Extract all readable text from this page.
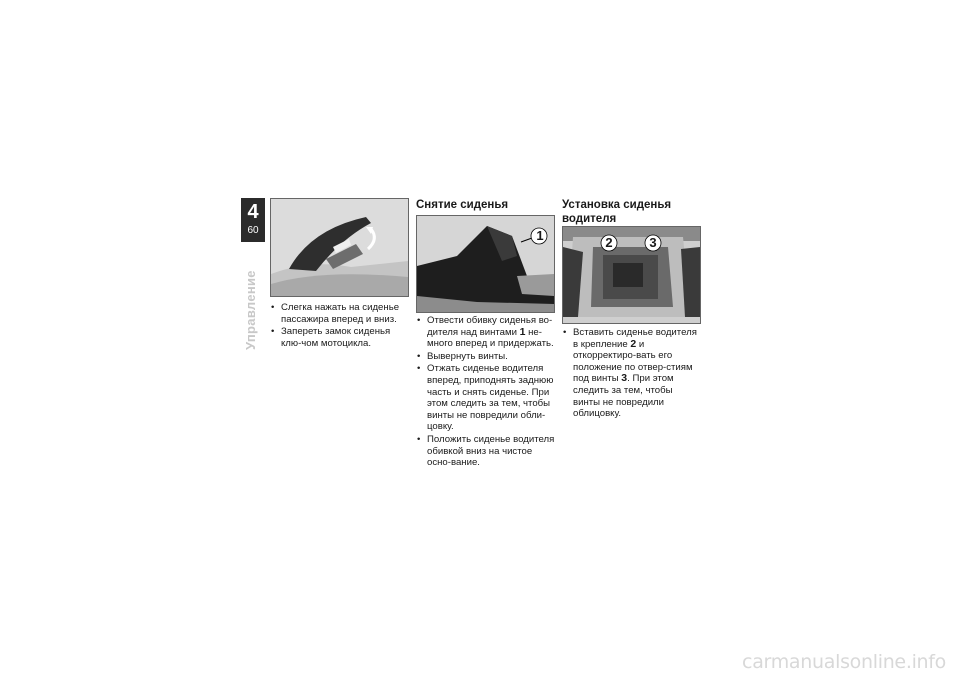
4
60
Управление
•	Слегка нажать на сиденье пассажира вперед и вниз.
• Запереть замок сиденья клю-чом мотоцикла.
Снятие сиденья
1
• Отвести обивку сиденья во-дителя над винтами 1 не-много вперед и придержать.
• Вывернуть винты.
• Отжать сиденье водителя вперед, приподнять заднюю часть и снять сиденье. При этом следить за тем, чтобы винты не повредили обли-цовку.
• Положить сиденье водителя обивкой вниз на чистое осно-вание.
Установка сиденья водителя
2	3
• Вставить сиденье водителя в крепление 2 и откорректиро-вать его положение по отвер-стиям под винты 3. При этом следить за тем, чтобы винты не повредили облицовку.
carmanualsonline.info
